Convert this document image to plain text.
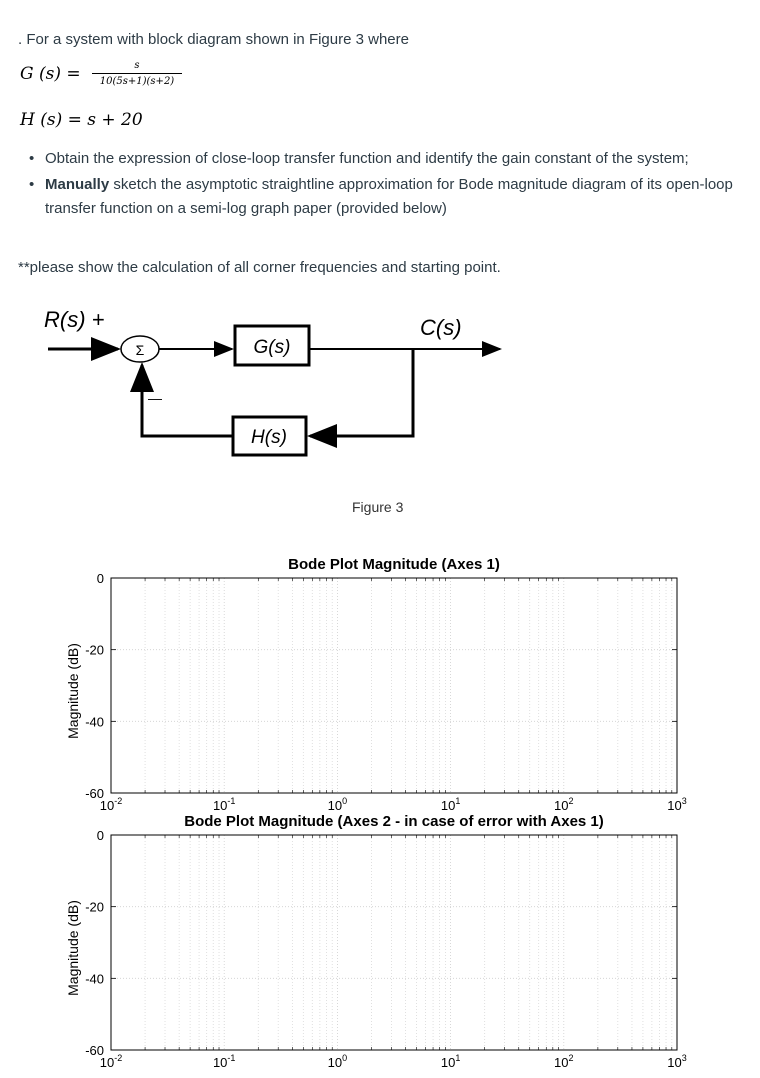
. For a system with block diagram shown in Figure 3 where
G (s) =	s
10(5s+1)(s+2)
H (s) = s + 20
• Obtain the expression of close-loop transfer function and identify the gain constant of the system;
• Manually sketch the asymptotic straightline approximation for Bode magnitude diagram of its open-loop transfer function on a semi-log graph paper (provided below)
**please show the calculation of all corner frequencies and starting point.
R(s) +
Σ	G(s)
C(s)
H(s)
—
Figure 3
Bode Plot Magnitude (Axes 1)
Magnitude (dB)
0
-20
-40
-60
$10^{-2}$	$10^{-1}$	$10^0$	$10^1$	$10^2$	$10^3$
Bode Plot Magnitude (Axes 2 - in case of error with Axes 1)
Magnitude (dB)
0
-20
-40
-60
$10^{-2}$	$10^{-1}$	$10^0$	$10^1$	$10^2$	$10^3$
